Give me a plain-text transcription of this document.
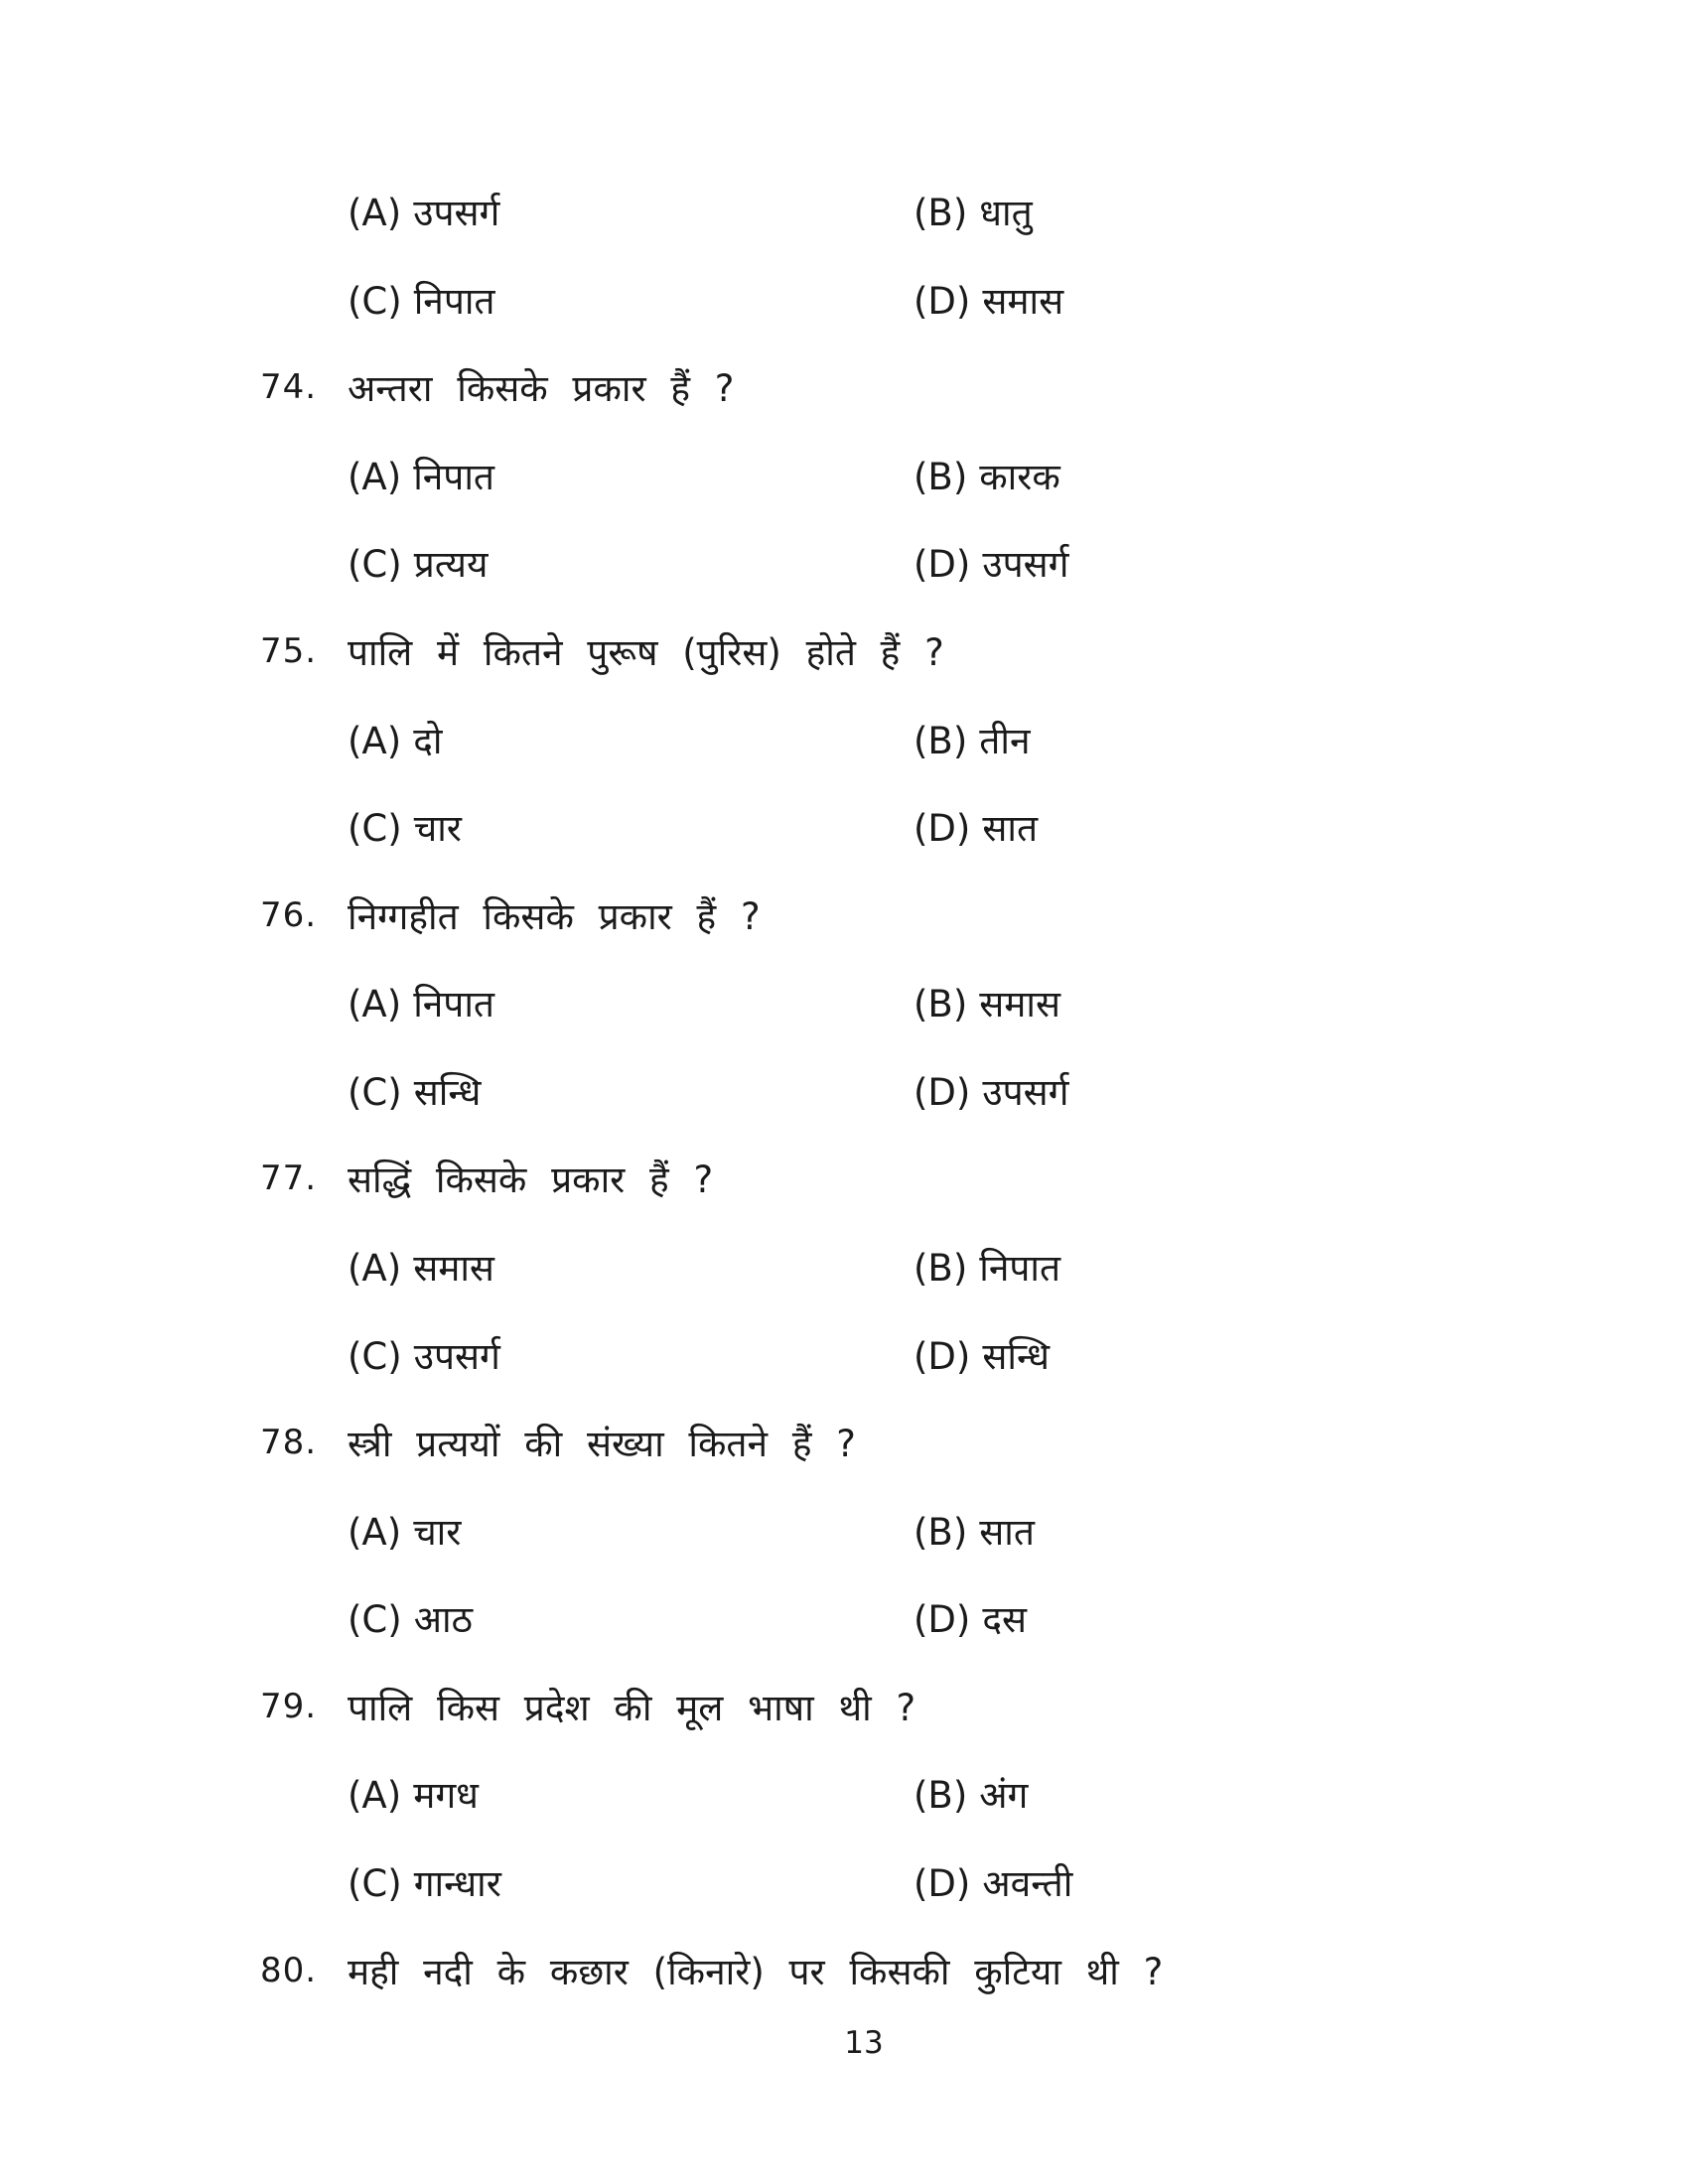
(A) उपसर्ग	(B) धातु
(C) निपात	(D) समास
74. अन्तरा किसके प्रकार हैं ?
(A) निपात	(B) कारक
(C) प्रत्यय	(D) उपसर्ग
75. पालि में कितने पुरूष (पुरिस) होते हैं ?
(A) दो	(B) तीन
(C) चार	(D) सात
76. निग्गहीत किसके प्रकार हैं ?
(A) निपात	(B) समास
(C) सन्धि	(D) उपसर्ग
77. सद्धिं किसके प्रकार हैं ?
(A) समास	(B) निपात
(C) उपसर्ग	(D) सन्धि
78. स्त्री प्रत्ययों की संख्या कितने हैं ?
(A) चार	(B) सात
(C) आठ	(D) दस
79. पालि किस प्रदेश की मूल भाषा थी ?
(A) मगध	(B) अंग
(C) गान्धार	(D) अवन्ती
80. मही नदी के कछार (किनारे) पर किसकी कुटिया थी ?
13
